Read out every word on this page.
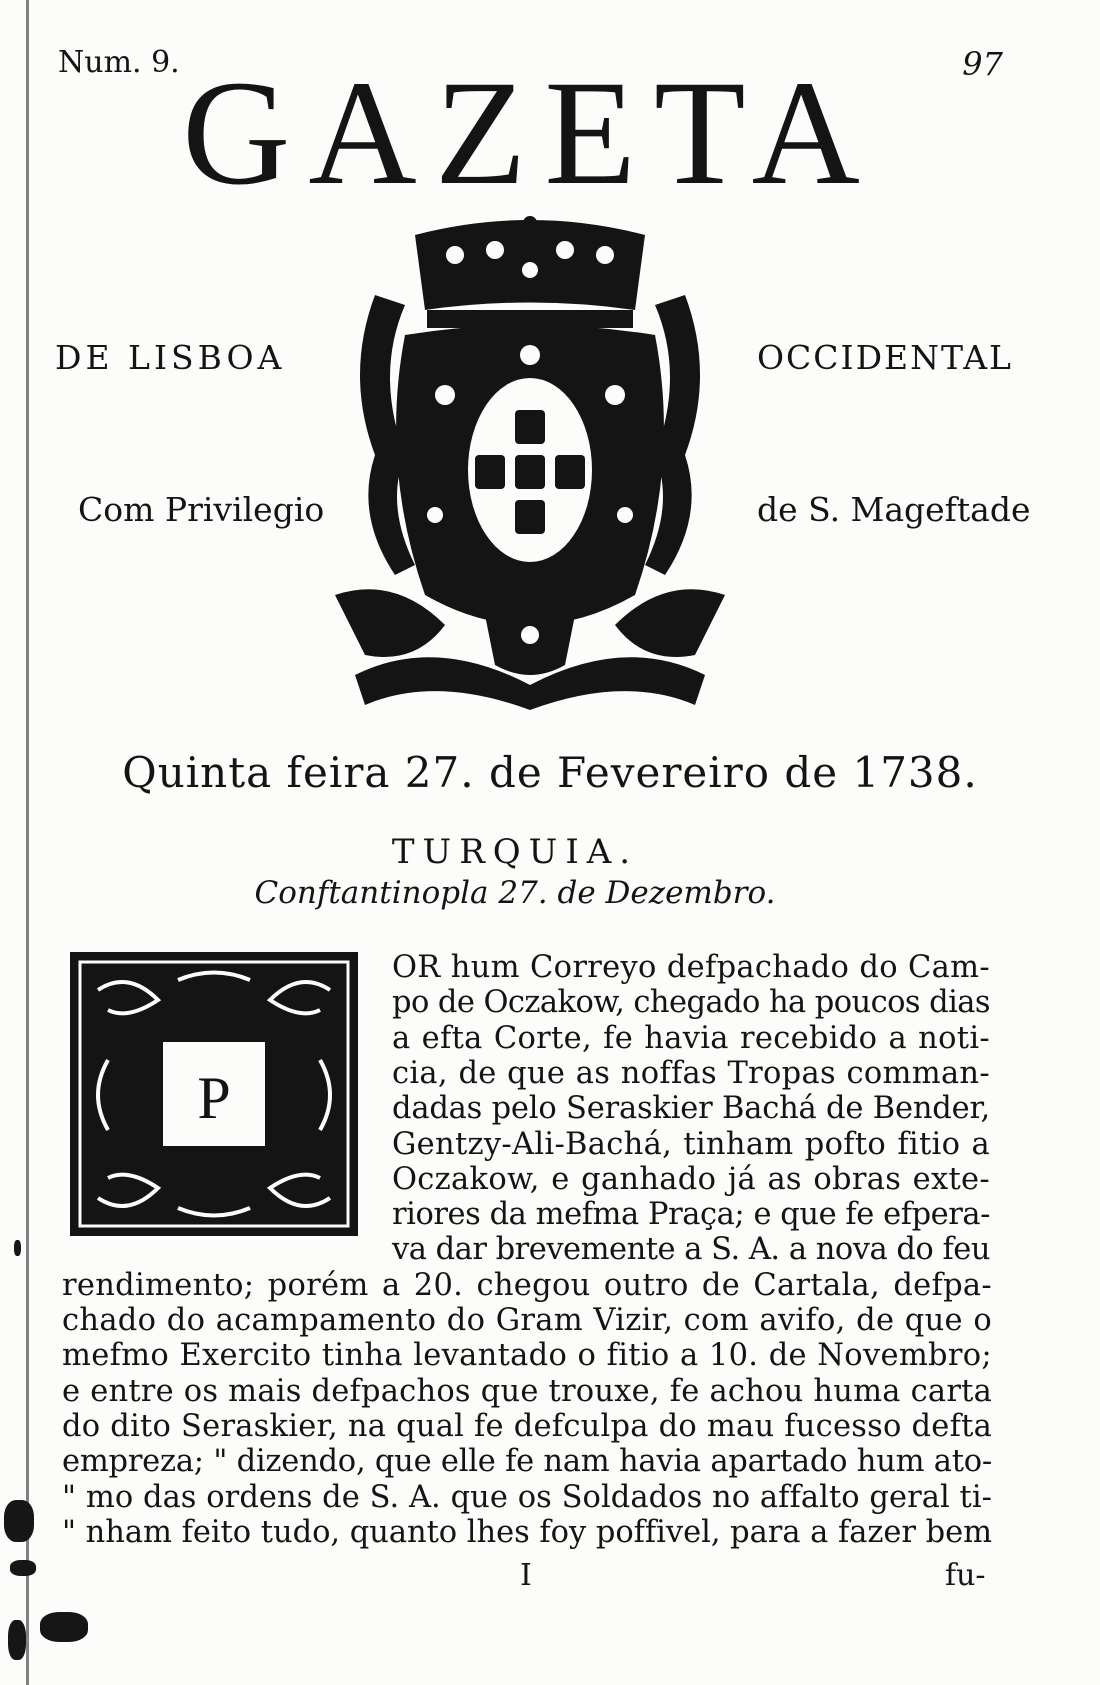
Num. 9.	97
GAZETA
DE LISBOA	OCCIDENTAL
Com Privilegio	de S. Mageftade
Quinta feira 27. de Fevereiro de 1738.
TURQUIA.
Conftantinopla 27. de Dezembro.
P
OR hum Correyo defpachado do Cam-
po de Oczakow, chegado ha poucos dias
a efta Corte, fe havia recebido a noti-
cia, de que as noffas Tropas comman-
dadas pelo Seraskier Bachá de Bender,
Gentzy-Ali-Bachá, tinham pofto fitio a
Oczakow, e ganhado já as obras exte-
riores da mefma Praça; e que fe efpera-
va dar brevemente a S. A. a nova do feu
rendimento; porém a 20. chegou outro de Cartala, defpa-
chado do acampamento do Gram Vizir, com avifo, de que o
mefmo Exercito tinha levantado o fitio a 10. de Novembro;
e entre os mais defpachos que trouxe, fe achou huma carta
do dito Seraskier, na qual fe defculpa do mau fucesso defta
empreza; " dizendo, que elle fe nam havia apartado hum ato-
" mo das ordens de S. A. que os Soldados no affalto geral ti-
" nham feito tudo, quanto lhes foy poffivel, para a fazer bem
I	fu-
